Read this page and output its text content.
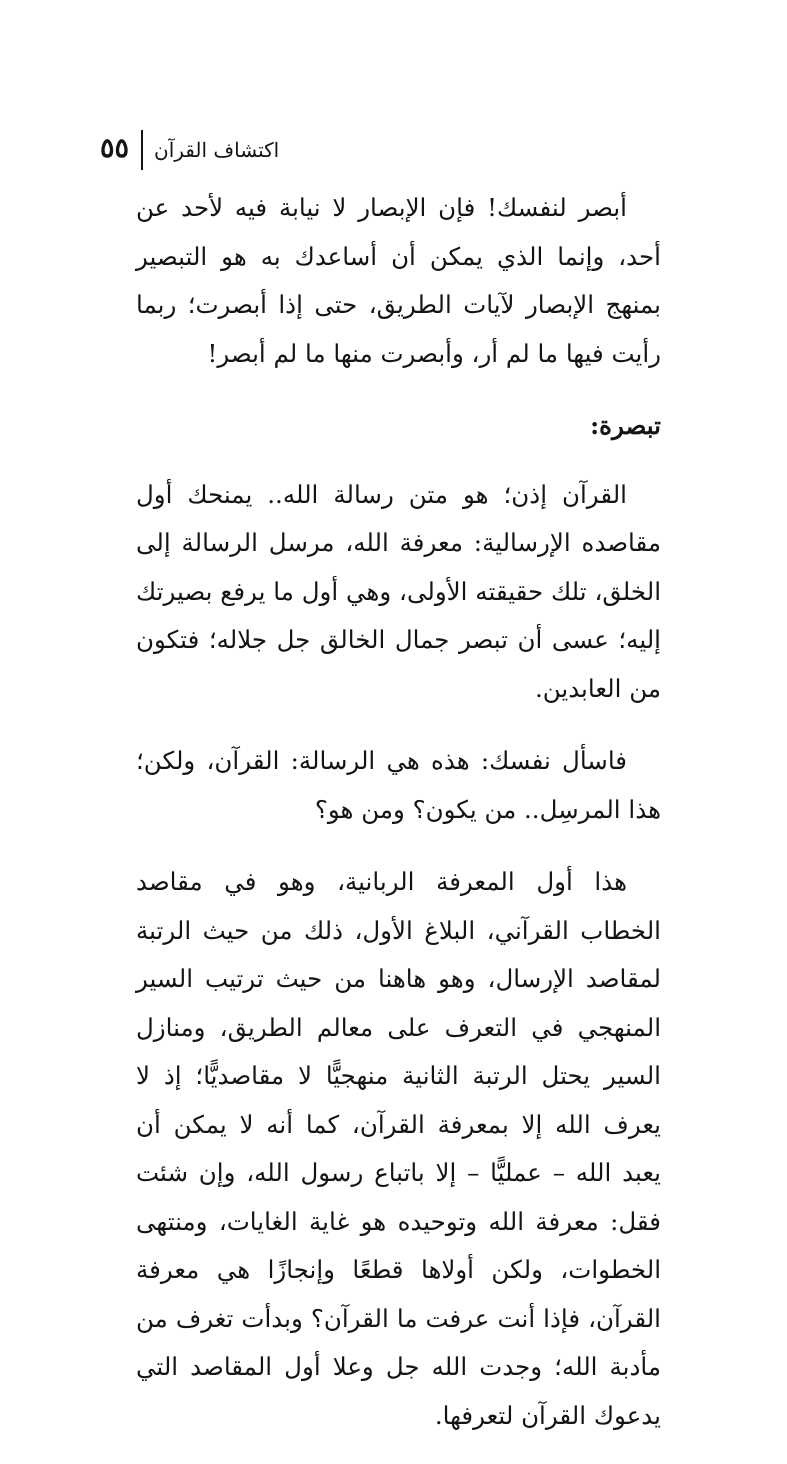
٥٥ اكتشاف القرآن

أبصر لنفسك! فإن الإبصار لا نيابة فيه لأحد عن أحد، وإنما الذي يمكن أن أساعدك به هو التبصير بمنهج الإبصار لآيات الطريق، حتى إذا أبصرت؛ ربما رأيت فيها ما لم أر، وأبصرت منها ما لم أبصر!

تبصرة:

القرآن إذن؛ هو متن رسالة الله.. يمنحك أول مقاصده الإرسالية: معرفة الله، مرسل الرسالة إلى الخلق، تلك حقيقته الأولى، وهي أول ما يرفع بصيرتك إليه؛ عسى أن تبصر جمال الخالق جل جلاله؛ فتكون من العابدين.

فاسأل نفسك: هذه هي الرسالة: القرآن، ولكن؛ هذا المرسِل.. من يكون؟ ومن هو؟

هذا أول المعرفة الربانية، وهو في مقاصد الخطاب القرآني، البلاغ الأول، ذلك من حيث الرتبة لمقاصد الإرسال، وهو هاهنا من حيث ترتيب السير المنهجي في التعرف على معالم الطريق، ومنازل السير يحتل الرتبة الثانية منهجيًّا لا مقاصديًّا؛ إذ لا يعرف الله إلا بمعرفة القرآن، كما أنه لا يمكن أن يعبد الله – عمليًّا – إلا باتباع رسول الله، وإن شئت فقل: معرفة الله وتوحيده هو غاية الغايات، ومنتهى الخطوات، ولكن أولاها قطعًا وإنجازًا هي معرفة القرآن، فإذا أنت عرفت ما القرآن؟ وبدأت تغرف من مأدبة الله؛ وجدت الله جل وعلا أول المقاصد التي يدعوك القرآن لتعرفها.
